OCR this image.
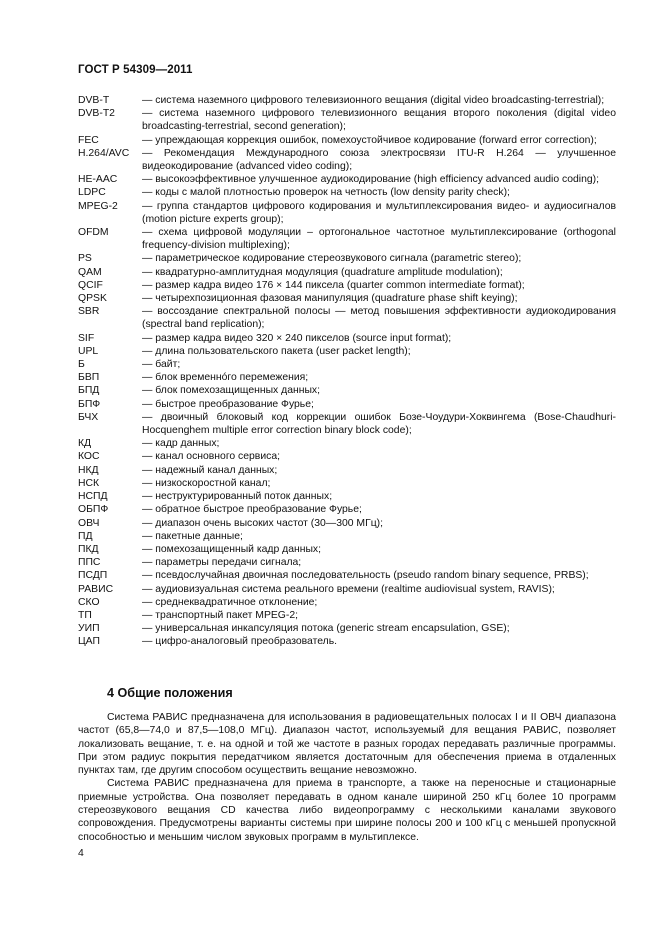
ГОСТ Р 54309—2011
DVB-T	— система наземного цифрового телевизионного вещания (digital video broadcasting-terrestrial);
DVB-T2	— система наземного цифрового телевизионного вещания второго поколения (digital video broadcasting-terrestrial, second generation);
FEC	— упреждающая коррекция ошибок, помехоустойчивое кодирование (forward error correction);
H.264/AVC	— Рекомендация Международного союза электросвязи ITU-R H.264 — улучшенное видеокодирование (advanced video coding);
HE-AAC	— высокоэффективное улучшенное аудиокодирование (high efficiency advanced audio coding);
LDPC	— коды с малой плотностью проверок на четность (low density parity check);
MPEG-2	— группа стандартов цифрового кодирования и мультиплексирования видео- и аудиосигналов (motion picture experts group);
OFDM	— схема цифровой модуляции – ортогональное частотное мультиплексирование (orthogonal frequency-division multiplexing);
PS	— параметрическое кодирование стереозвукового сигнала (parametric stereo);
QAM	— квадратурно-амплитудная модуляция (quadrature amplitude modulation);
QCIF	— размер кадра видео 176 × 144 пиксела (quarter common intermediate format);
QPSK	— четырехпозиционная фазовая манипуляция (quadrature phase shift keying);
SBR	— воссоздание спектральной полосы — метод повышения эффективности аудиокодирования (spectral band replication);
SIF	— размер кадра видео 320 × 240 пикселов (source input format);
UPL	— длина пользовательского пакета (user packet length);
Б	— байт;
БВП	— блок временнóго перемежения;
БПД	— блок помехозащищенных данных;
БПФ	— быстрое преобразование Фурье;
БЧХ	— двоичный блоковый код коррекции ошибок Бозе-Чоудури-Хоквингема (Bose-Chaudhuri-Hocquenghem multiple error correction binary block code);
КД	— кадр данных;
КОС	— канал основного сервиса;
НКД	— надежный канал данных;
НСК	— низкоскоростной канал;
НСПД	— неструктурированный поток данных;
ОБПФ	— обратное быстрое преобразование Фурье;
ОВЧ	— диапазон очень высоких частот (30—300 МГц);
ПД	— пакетные данные;
ПКД	— помехозащищенный кадр данных;
ППС	— параметры передачи сигнала;
ПСДП	— псевдослучайная двоичная последовательность (pseudo random binary sequence, PRBS);
РАВИС	— аудиовизуальная система реального времени (realtime audiovisual system, RAVIS);
СКО	— среднеквадратичное отклонение;
ТП	— транспортный пакет MPEG-2;
УИП	— универсальная инкапсуляция потока (generic stream encapsulation, GSE);
ЦАП	— цифро-аналоговый преобразователь.
4 Общие положения

Система РАВИС предназначена для использования в радиовещательных полосах I и II ОВЧ диапазона частот (65,8—74,0 и 87,5—108,0 МГц). Диапазон частот, используемый для вещания РАВИС, позволяет локализовать вещание, т. е. на одной и той же частоте в разных городах передавать различные программы. При этом радиус покрытия передатчиком является достаточным для обеспечения приема в отдаленных пунктах там, где другим способом осуществить вещание невозможно.

Система РАВИС предназначена для приема в транспорте, а также на переносные и стационарные приемные устройства. Она позволяет передавать в одном канале шириной 250 кГц более 10 программ стереозвукового вещания CD качества либо видеопрограмму с несколькими каналами звукового сопровождения. Предусмотрены варианты системы при ширине полосы 200 и 100 кГц с меньшей пропускной способностью и меньшим числом звуковых программ в мультиплексе.

4
